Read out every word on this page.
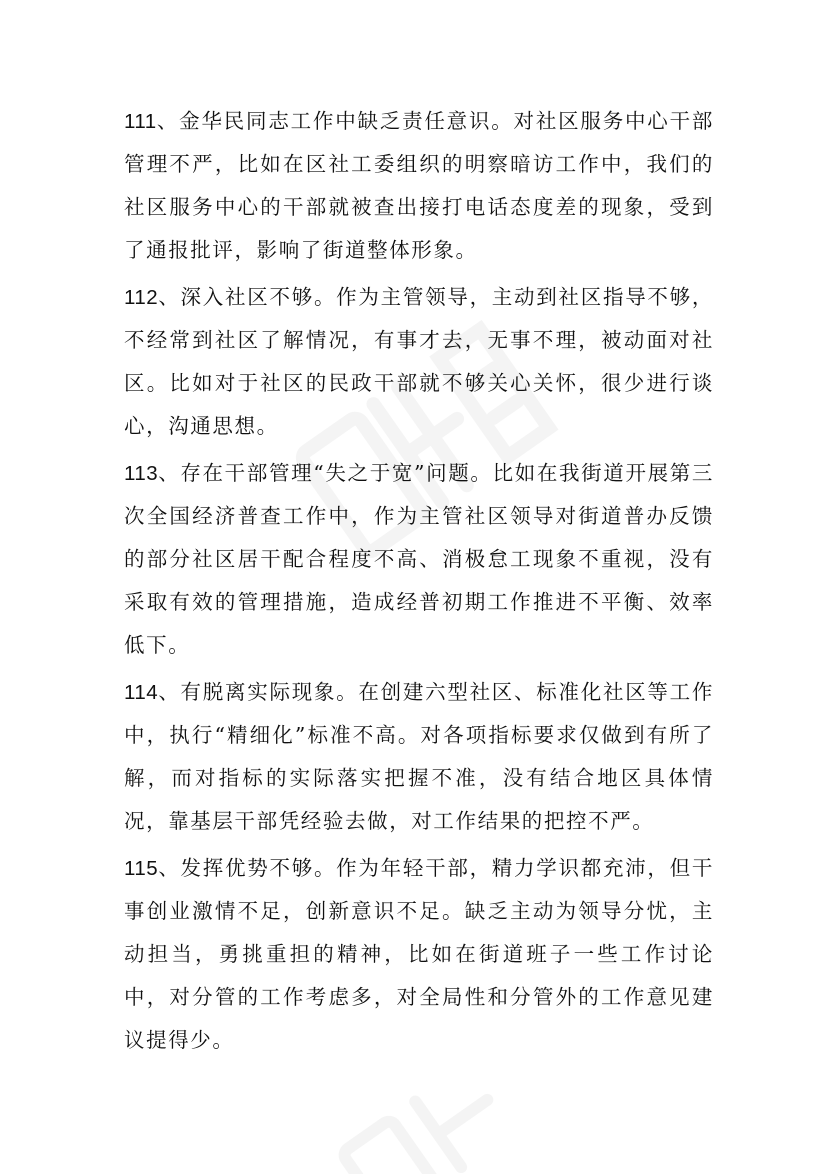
111、金华民同志工作中缺乏责任意识。对社区服务中心干部管理不严，比如在区社工委组织的明察暗访工作中，我们的社区服务中心的干部就被查出接打电话态度差的现象，受到了通报批评，影响了街道整体形象。

112、深入社区不够。作为主管领导，主动到社区指导不够，不经常到社区了解情况，有事才去，无事不理，被动面对社区。比如对于社区的民政干部就不够关心关怀，很少进行谈心，沟通思想。

113、存在干部管理“失之于宽”问题。比如在我街道开展第三次全国经济普查工作中，作为主管社区领导对街道普办反馈的部分社区居干配合程度不高、消极怠工现象不重视，没有采取有效的管理措施，造成经普初期工作推进不平衡、效率低下。

114、有脱离实际现象。在创建六型社区、标准化社区等工作中，执行“精细化”标准不高。对各项指标要求仅做到有所了解，而对指标的实际落实把握不准，没有结合地区具体情况，靠基层干部凭经验去做，对工作结果的把控不严。

115、发挥优势不够。作为年轻干部，精力学识都充沛，但干事创业激情不足，创新意识不足。缺乏主动为领导分忧，主动担当，勇挑重担的精神，比如在街道班子一些工作讨论中，对分管的工作考虑多，对全局性和分管外的工作意见建议提得少。
